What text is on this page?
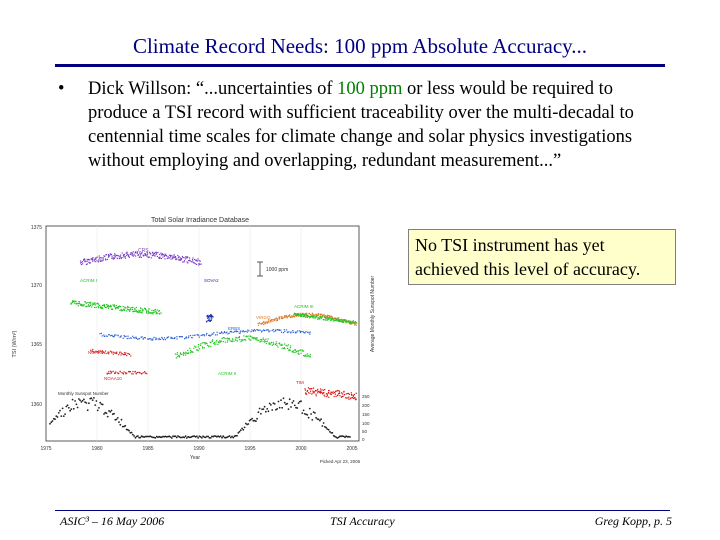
Climate Record Needs: 100 ppm Absolute Accuracy...
• Dick Willson: “...uncertainties of 100 ppm or less would be required to produce a TSI record with sufficient traceability over the multi-decadal to centennial time scales for climate change and solar physics investigations without employing and overlapping, redundant measurement...”
No TSI instrument has yet achieved this level of accuracy.
Total Solar Irradiance Database
TSI (W/m²)	Average Monthly Sunspot Number
Year
Picked Apr 23, 2006
1375
1370
1365
1360
1975	1980	1985	1990	1995	2000	2005
250
200
150
100
50
0
1000 ppm
Monthly Sunspot Number
CRS
ACRIM I	SOVA2
ERBS
VIRGO
ACRIM III
NOAA9
NOAA10
ACRIM II
TIM
ASIC³ – 16 May 2006	TSI Accuracy	Greg Kopp, p. 5
